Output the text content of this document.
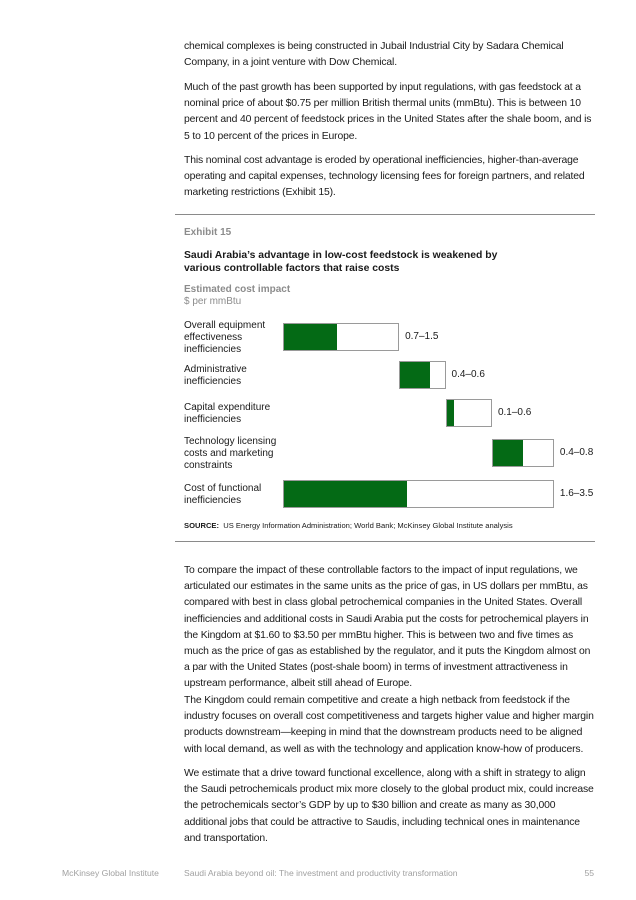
chemical complexes is being constructed in Jubail Industrial City by Sadara Chemical Company, in a joint venture with Dow Chemical.

Much of the past growth has been supported by input regulations, with gas feedstock at a nominal price of about $0.75 per million British thermal units (mmBtu). This is between 10 percent and 40 percent of feedstock prices in the United States after the shale boom, and is 5 to 10 percent of the prices in Europe.

This nominal cost advantage is eroded by operational inefficiencies, higher-than-average operating and capital expenses, technology licensing fees for foreign partners, and related marketing restrictions (Exhibit 15).

Exhibit 15

Saudi Arabia’s advantage in low-cost feedstock is weakened by various controllable factors that raise costs

Estimated cost impact
$ per mmBtu
Overall equipment
effectiveness
inefficiencies
0.7–1.5
Administrative
inefficiencies
0.4–0.6
Capital expenditure
inefficiencies
0.1–0.6
Technology licensing
costs and marketing
constraints
0.4–0.8
Cost of functional
inefficiencies
1.6–3.5
SOURCE: US Energy Information Administration; World Bank; McKinsey Global Institute analysis

To compare the impact of these controllable factors to the impact of input regulations, we articulated our estimates in the same units as the price of gas, in US dollars per mmBtu, as compared with best in class global petrochemical companies in the United States. Overall inefficiencies and additional costs in Saudi Arabia put the costs for petrochemical players in the Kingdom at $1.60 to $3.50 per mmBtu higher. This is between two and five times as much as the price of gas as established by the regulator, and it puts the Kingdom almost on a par with the United States (post-shale boom) in terms of investment attractiveness in upstream performance, albeit still ahead of Europe.

The Kingdom could remain competitive and create a high netback from feedstock if the industry focuses on overall cost competitiveness and targets higher value and higher margin products downstream—keeping in mind that the downstream products need to be aligned with local demand, as well as with the technology and application know-how of producers.

We estimate that a drive toward functional excellence, along with a shift in strategy to align the Saudi petrochemicals product mix more closely to the global product mix, could increase the petrochemicals sector’s GDP by up to $30 billion and create as many as 30,000 additional jobs that could be attractive to Saudis, including technical ones in maintenance and transportation.

McKinsey Global Institute	Saudi Arabia beyond oil: The investment and productivity transformation	55
